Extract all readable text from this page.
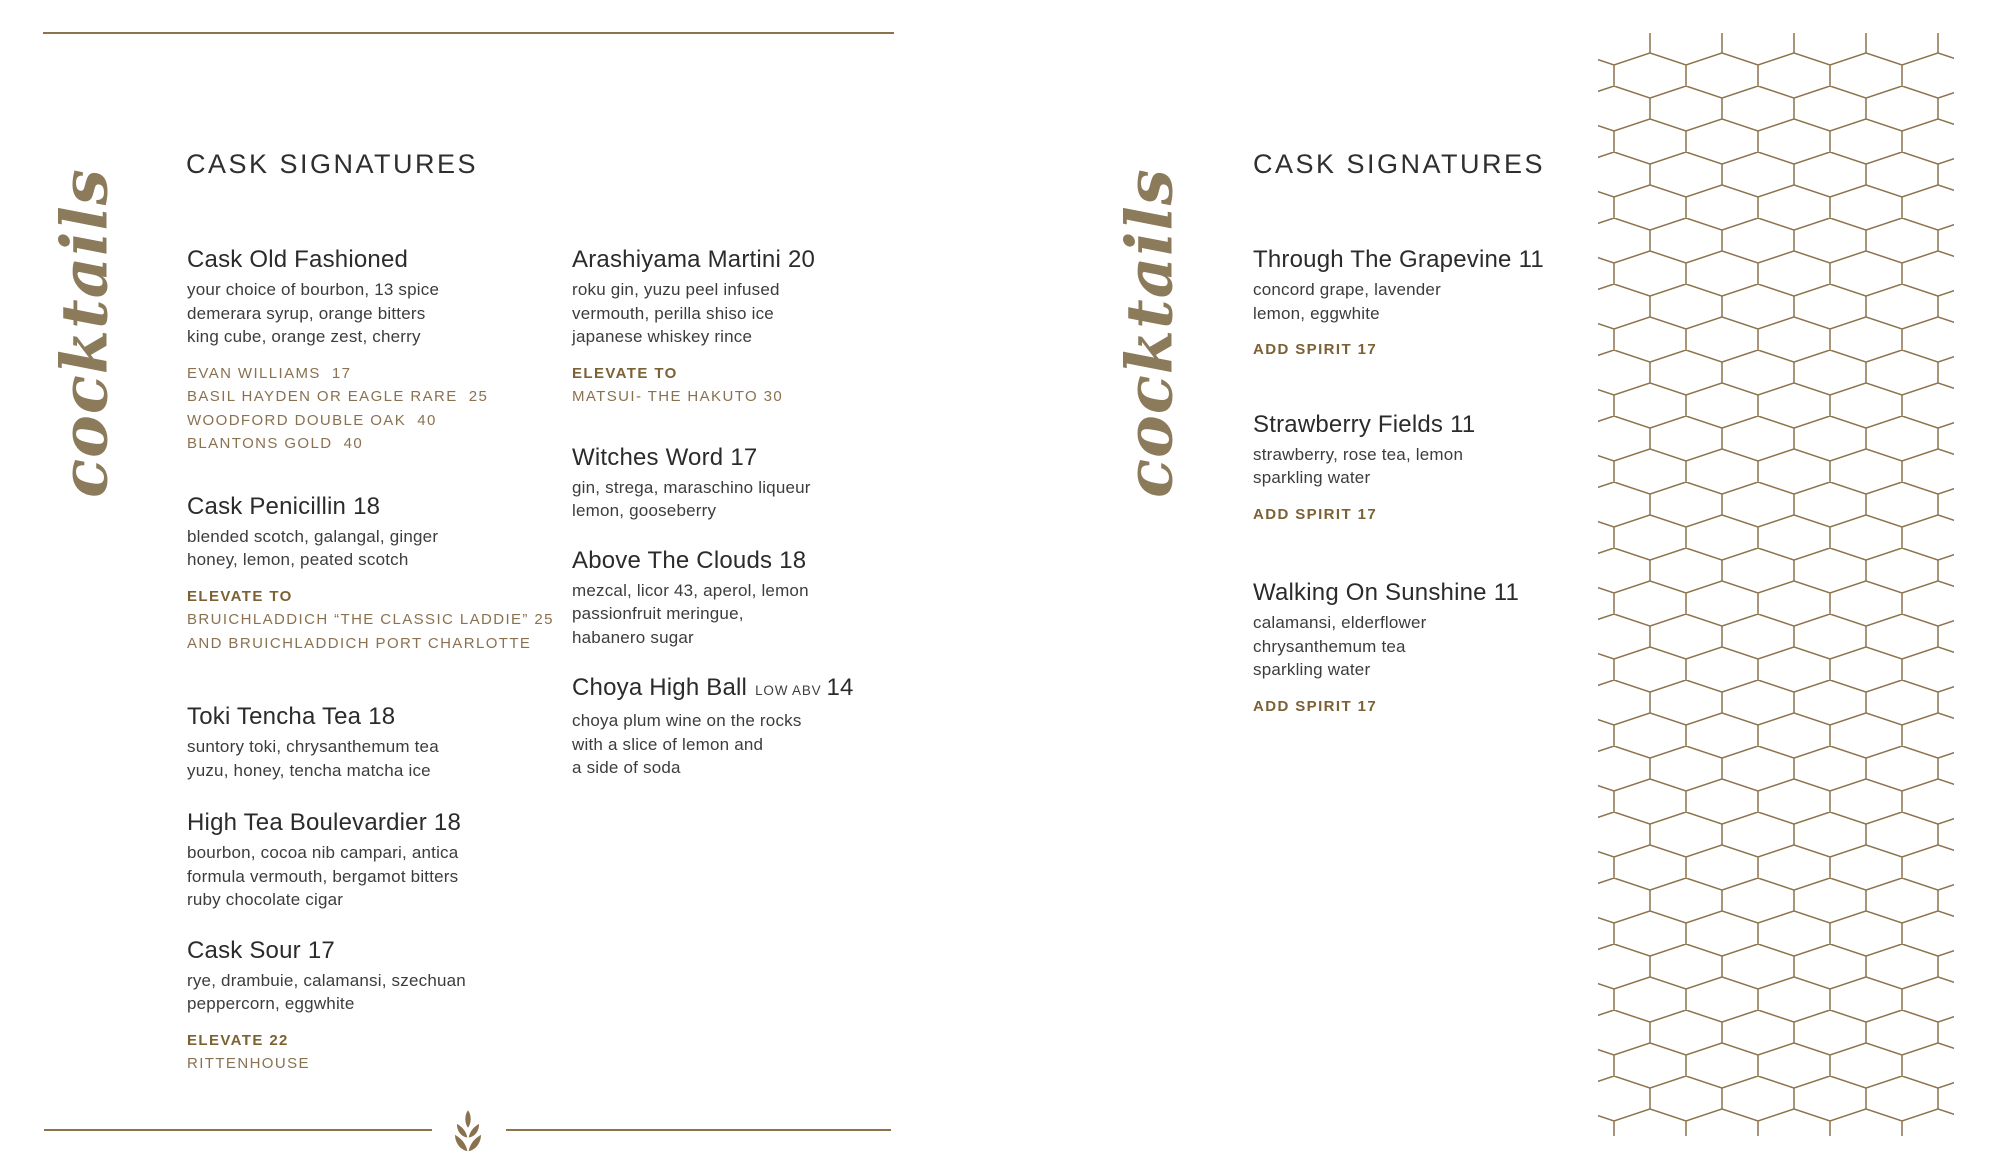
cocktails
CASK SIGNATURES
Cask Old Fashioned
your choice of bourbon, 13 spice
demerara syrup, orange bitters
king cube, orange zest, cherry
EVAN WILLIAMS  17
BASIL HAYDEN OR EAGLE RARE  25
WOODFORD DOUBLE OAK  40
BLANTONS GOLD  40
Cask Penicillin 18
blended scotch, galangal, ginger
honey, lemon, peated scotch
ELEVATE TO
BRUICHLADDICH “THE CLASSIC LADDIE” 25
AND BRUICHLADDICH PORT CHARLOTTE
Toki Tencha Tea 18
suntory toki, chrysanthemum tea
yuzu, honey, tencha matcha ice
High Tea Boulevardier 18
bourbon, cocoa nib campari, antica
formula vermouth, bergamot bitters
ruby chocolate cigar
Cask Sour 17
rye, drambuie, calamansi, szechuan
peppercorn, eggwhite
ELEVATE 22
RITTENHOUSE
Arashiyama Martini 20
roku gin, yuzu peel infused
vermouth, perilla shiso ice
japanese whiskey rince
ELEVATE TO
MATSUI- THE HAKUTO 30
Witches Word 17
gin, strega, maraschino liqueur
lemon, gooseberry
Above The Clouds 18
mezcal, licor 43, aperol, lemon
passionfruit meringue,
habanero sugar
Choya High Ball LOW ABV 14
choya plum wine on the rocks
with a slice of lemon and
a side of soda
cocktails
CASK SIGNATURES
Through The Grapevine 11
concord grape, lavender
lemon, eggwhite
ADD SPIRIT 17
Strawberry Fields 11
strawberry, rose tea, lemon
sparkling water
ADD SPIRIT 17
Walking On Sunshine 11
calamansi, elderflower
chrysanthemum tea
sparkling water
ADD SPIRIT 17
